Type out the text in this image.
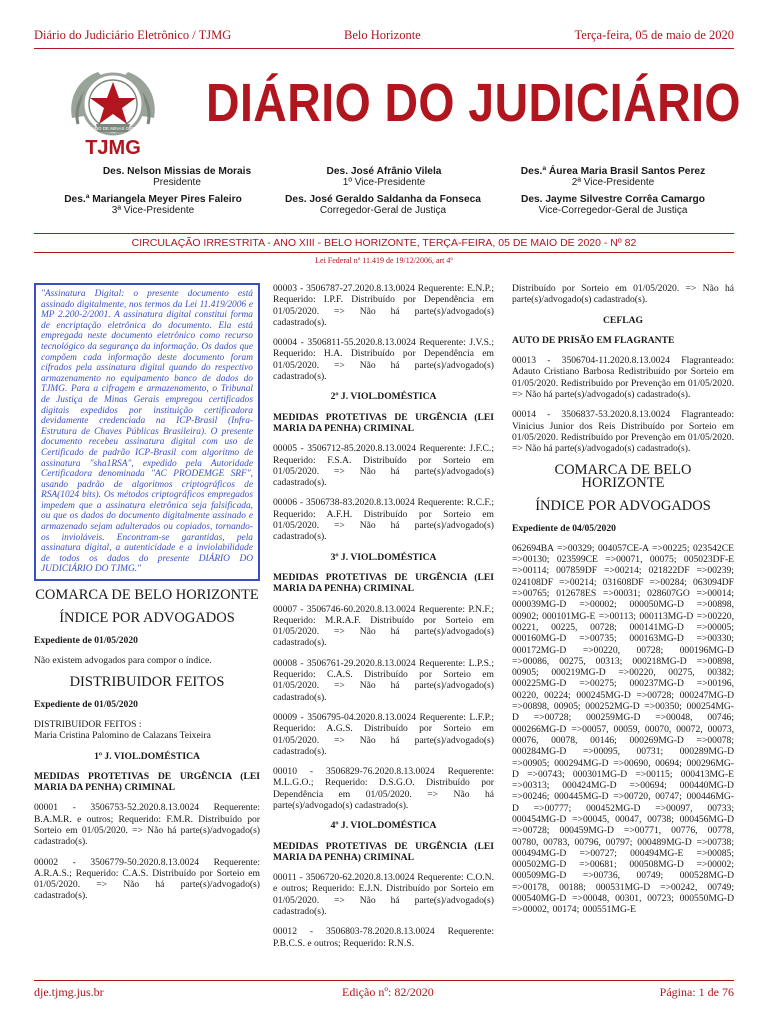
Diário do Judiciário Eletrônico / TJMG	Belo Horizonte	Terça-feira, 05 de maio de 2020
ESTADO DE MINAS GERAIS
TJMG
DIÁRIO DO JUDICIÁRIO
Des. Nelson Missias de Morais
Presidente
Des. José Afrânio Vilela
1º Vice-Presidente
Des.ª Áurea Maria Brasil Santos Perez
2ª Vice-Presidente
Des.ª Mariangela Meyer Pires Faleiro
3ª Vice-Presidente
Des. José Geraldo Saldanha da Fonseca
Corregedor-Geral de Justiça
Des. Jayme Silvestre Corrêa Camargo
Vice-Corregedor-Geral de Justiça
CIRCULAÇÃO IRRESTRITA - ANO XIII - BELO HORIZONTE, TERÇA-FEIRA, 05 DE MAIO DE 2020 - Nº 82
Lei Federal nº 11.419 de 19/12/2006, art 4º
"Assinatura Digital: o presente documento está assinado digitalmente, nos termos da Lei 11.419/2006 e MP 2.200-2/2001. A assinatura digital constitui forma de encriptação eletrônica do documento. Ela está empregada neste documento eletrônico como recurso tecnológico da segurança da informação. Os dados que compõem cada informação deste documento foram cifrados pela assinatura digital quando do respectivo armazenamento no equipamento banco de dados do TJMG. Para a cifragem e armazenamento, o Tribunal de Justiça de Minas Gerais empregou certificados digitais expedidos por instituição certificadora devidamente credenciada na ICP-Brasil (Infra-Estrutura de Chaves Públicas Brasileira). O presente documento recebeu assinatura digital com uso de Certificado de padrão ICP-Brasil com algoritmo de assinatura "sha1RSA", expedido pela Autoridade Certificadora denominada "AC PRODEMGE SRF", usando padrão de algoritmos criptográficos de RSA(1024 bits). Os métodos criptográficos empregados impedem que a assinatura eletrônica seja falsificada, ou que os dados do documento digitalmente assinado e armazenado sejam adulterados ou copiados, tornando-os invioláveis. Encontram-se garantidas, pela assinatura digital, a autenticidade e a inviolabilidade de todos os dados do presente DIÁRIO DO JUDICIÁRIO DO TJMG."
COMARCA DE BELO HORIZONTE
ÍNDICE POR ADVOGADOS

Expediente de 01/05/2020

Não existem advogados para compor o índice.

DISTRIBUIDOR FEITOS

Expediente de 01/05/2020

DISTRIBUIDOR FEITOS :
Maria Cristina Palomino de Calazans Teixeira

1º J. VIOL.DOMÉSTICA

MEDIDAS PROTETIVAS DE URGÊNCIA (LEI MARIA DA PENHA) CRIMINAL

00001 - 3506753-52.2020.8.13.0024 Requerente: B.A.M.R. e outros; Requerido: F.M.R. Distribuído por Sorteio em 01/05/2020. => Não há parte(s)/advogado(s) cadastrado(s).

00002 - 3506779-50.2020.8.13.0024 Requerente: A.R.A.S.; Requerido: C.A.S. Distribuído por Sorteio em 01/05/2020. => Não há parte(s)/advogado(s) cadastrado(s).

00003 - 3506787-27.2020.8.13.0024 Requerente: E.N.P.; Requerido: I.P.F. Distribuído por Dependência em 01/05/2020. => Não há parte(s)/advogado(s) cadastrado(s).

00004 - 3506811-55.2020.8.13.0024 Requerente: J.V.S.; Requerido: H.A. Distribuído por Dependência em 01/05/2020. => Não há parte(s)/advogado(s) cadastrado(s).

2º J. VIOL.DOMÉSTICA

MEDIDAS PROTETIVAS DE URGÊNCIA (LEI MARIA DA PENHA) CRIMINAL

00005 - 3506712-85.2020.8.13.0024 Requerente: J.F.C.; Requerido: F.S.A. Distribuído por Sorteio em 01/05/2020. => Não há parte(s)/advogado(s) cadastrado(s).

00006 - 3506738-83.2020.8.13.0024 Requerente: R.C.F.; Requerido: A.F.H. Distribuído por Sorteio em 01/05/2020. => Não há parte(s)/advogado(s) cadastrado(s).

3º J. VIOL.DOMÉSTICA

MEDIDAS PROTETIVAS DE URGÊNCIA (LEI MARIA DA PENHA) CRIMINAL

00007 - 3506746-60.2020.8.13.0024 Requerente: P.N.F.; Requerido: M.R.A.F. Distribuído por Sorteio em 01/05/2020. => Não há parte(s)/advogado(s) cadastrado(s).

00008 - 3506761-29.2020.8.13.0024 Requerente: L.P.S.; Requerido: C.A.S. Distribuído por Sorteio em 01/05/2020. => Não há parte(s)/advogado(s) cadastrado(s).

00009 - 3506795-04.2020.8.13.0024 Requerente: L.F.P.; Requerido: A.G.S. Distribuído por Sorteio em 01/05/2020. => Não há parte(s)/advogado(s) cadastrado(s).

00010 - 3506829-76.2020.8.13.0024 Requerente: M.L.G.O.; Requerido: D.S.G.O. Distribuído por Dependência em 01/05/2020. => Não há parte(s)/advogado(s) cadastrado(s).

4º J. VIOL.DOMÉSTICA

MEDIDAS PROTETIVAS DE URGÊNCIA (LEI MARIA DA PENHA) CRIMINAL

00011 - 3506720-62.2020.8.13.0024 Requerente: C.O.N. e outros; Requerido: E.J.N. Distribuído por Sorteio em 01/05/2020. => Não há parte(s)/advogado(s) cadastrado(s).

00012 - 3506803-78.2020.8.13.0024 Requerente: P.B.C.S. e outros; Requerido: R.N.S.

Distribuído por Sorteio em 01/05/2020. => Não há parte(s)/advogado(s) cadastrado(s).

CEFLAG

AUTO DE PRISÃO EM FLAGRANTE

00013 - 3506704-11.2020.8.13.0024 Flagranteado: Adauto Cristiano Barbosa Redistribuído por Sorteio em 01/05/2020. Redistribuído por Prevenção em 01/05/2020. => Não há parte(s)/advogado(s) cadastrado(s).

00014 - 3506837-53.2020.8.13.0024 Flagranteado: Vinicius Junior dos Reis Distribuído por Sorteio em 01/05/2020. Redistribuído por Prevenção em 01/05/2020. => Não há parte(s)/advogado(s) cadastrado(s).

COMARCA DE BELO HORIZONTE
ÍNDICE POR ADVOGADOS

Expediente de 04/05/2020

062694BA =>00329; 004057CE-A =>00225; 023542CE =>00130; 023599CE =>00071, 00075; 005023DF-E =>00114; 007859DF =>00214; 021822DF =>00239; 024108DF =>00214; 031608DF =>00284; 063094DF =>00765; 012678ES =>00031; 028607GO =>00014; 000039MG-D =>00002; 000050MG-D =>00898, 00902; 000101MG-E =>00113; 000113MG-D =>00220, 00221, 00225, 00728; 000141MG-D =>00005; 000160MG-D =>00735; 000163MG-D =>00330; 000172MG-D =>00220, 00728; 000196MG-D =>00086, 00275, 00313; 000218MG-D =>00898, 00905; 000219MG-D =>00220, 00275, 00382; 000225MG-D =>00275; 000237MG-D =>00196, 00220, 00224; 000245MG-D =>00728; 000247MG-D =>00898, 00905; 000252MG-D =>00350; 000254MG-D =>00728; 000259MG-D =>00048, 00746; 000266MG-D =>00057, 00059, 00070, 00072, 00073, 00076, 00078, 00146; 000269MG-D =>00078; 000284MG-D =>00095, 00731; 000289MG-D =>00905; 000294MG-D =>00690, 00694; 000296MG-D =>00743; 000301MG-D =>00115; 000413MG-E =>00313; 000424MG-D =>00694; 000440MG-D =>00246; 000445MG-D =>00720, 00747; 000446MG-D =>00777; 000452MG-D =>00097, 00733; 000454MG-D =>00045, 00047, 00738; 000456MG-D =>00728; 000459MG-D =>00771, 00776, 00778, 00780, 00783, 00796, 00797; 000489MG-D =>00738; 000494MG-D =>00727; 000494MG-E =>00085; 000502MG-D =>00681; 000508MG-D =>00002; 000509MG-D =>00736, 00749; 000528MG-D =>00178, 00188; 000531MG-D =>00242, 00749; 000540MG-D =>00048, 00301, 00723; 000550MG-D =>00002, 00174; 000551MG-E

dje.tjmg.jus.br	Edição nº: 82/2020	Página: 1 de 76
